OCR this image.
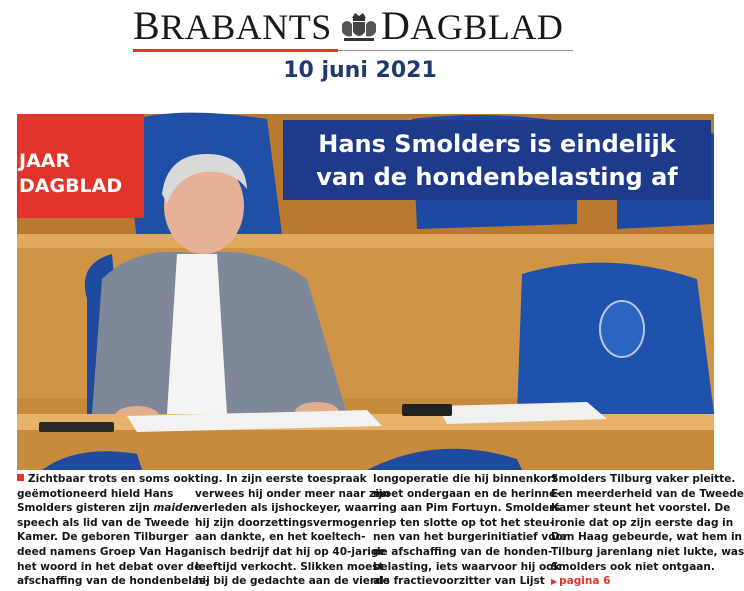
BRABANTS DAGBLAD
10 juni 2021
JAAR
DAGBLAD
Hans Smolders is eindelijk
van de hondenbelasting af
Zichtbaar trots en soms ook
geëmotioneerd hield Hans
Smolders gisteren zijn maiden
speech als lid van de Tweede
Kamer. De geboren Tilburger
deed namens Groep Van Haga
het woord in het debat over de
afschaffing van de hondenbelas-
ting. In zijn eerste toespraak
verwees hij onder meer naar zijn
verleden als ijshockeyer, waar
hij zijn doorzettingsvermogen
aan dankte, en het koeltech-
nisch bedrijf dat hij op 40-jarige
leeftijd verkocht. Slikken moest
hij bij de gedachte aan de vierde
longoperatie die hij binnenkort
moet ondergaan en de herinne-
ring aan Pim Fortuyn. Smolders
riep ten slotte op tot het steu-
nen van het burgerinitiatief voor
de afschaffing van de honden-
belasting, iets waarvoor hij ook
als fractievoorzitter van Lijst
Smolders Tilburg vaker pleitte.
Een meerderheid van de Tweede
Kamer steunt het voorstel. De
ironie dat op zijn eerste dag in
Den Haag gebeurde, wat hem in
Tilburg jarenlang niet lukte, was
Smolders ook niet ontgaan.
▶ pagina 6
